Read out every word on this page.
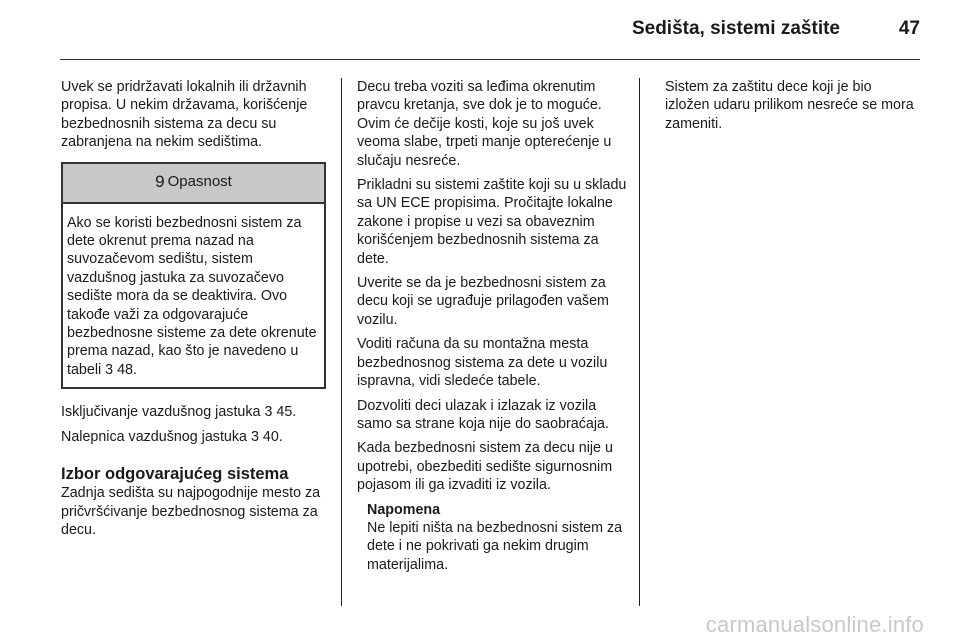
Sedišta, sistemi zaštite	47

Uvek se pridržavati lokalnih ili državnih propisa. U nekim državama, korišćenje bezbednosnih sistema za decu su zabranjena na nekim sedištima.

9 Opasnost
Ako se koristi bezbednosni sistem za dete okrenut prema nazad na suvozačevom sedištu, sistem vazdušnog jastuka za suvozačevo sedište mora da se deaktivira. Ovo takođe važi za odgovarajuće bezbednosne sisteme za dete okrenute prema nazad, kao što je navedeno u tabeli 3 48.

Isključivanje vazdušnog jastuka 3 45.

Nalepnica vazdušnog jastuka 3 40.

Izbor odgovarajućeg sistema

Zadnja sedišta su najpogodnije mesto za pričvršćivanje bezbednosnog sistema za decu.

Decu treba voziti sa leđima okrenutim pravcu kretanja, sve dok je to moguće. Ovim će dečije kosti, koje su još uvek veoma slabe, trpeti manje opterećenje u slučaju nesreće.

Prikladni su sistemi zaštite koji su u skladu sa UN ECE propisima. Pročitajte lokalne zakone i propise u vezi sa obaveznim korišćenjem bezbednosnih sistema za dete.

Uverite se da je bezbednosni sistem za decu koji se ugrađuje prilagođen vašem vozilu.

Voditi računa da su montažna mesta bezbednosnog sistema za dete u vozilu ispravna, vidi sledeće tabele.

Dozvoliti deci ulazak i izlazak iz vozila samo sa strane koja nije do saobraćaja.

Kada bezbednosni sistem za decu nije u upotrebi, obezbediti sedište sigurnosnim pojasom ili ga izvaditi iz vozila.

Napomena
Ne lepiti ništa na bezbednosni sistem za dete i ne pokrivati ga nekim drugim materijalima.

Sistem za zaštitu dece koji je bio izložen udaru prilikom nesreće se mora zameniti.

carmanualsonline.info
